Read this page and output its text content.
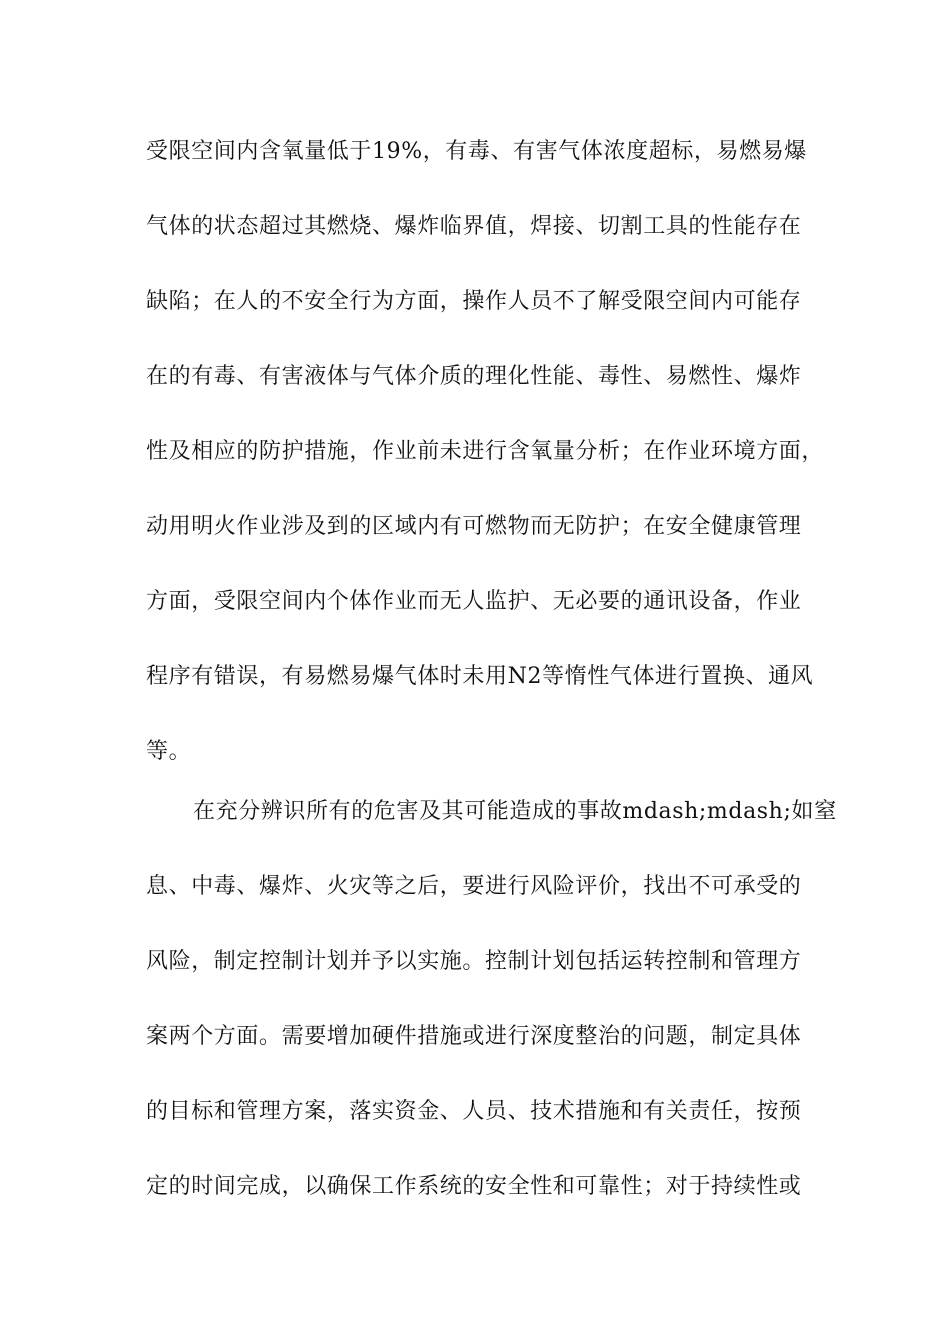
受限空间内含氧量低于19%，有毒、有害气体浓度超标，易燃易爆
气体的状态超过其燃烧、爆炸临界值，焊接、切割工具的性能存在
缺陷；在人的不安全行为方面，操作人员不了解受限空间内可能存
在的有毒、有害液体与气体介质的理化性能、毒性、易燃性、爆炸
性及相应的防护措施，作业前未进行含氧量分析；在作业环境方面，
动用明火作业涉及到的区域内有可燃物而无防护；在安全健康管理
方面，受限空间内个体作业而无人监护、无必要的通讯设备，作业
程序有错误，有易燃易爆气体时未用N2等惰性气体进行置换、通风
等。
在充分辨识所有的危害及其可能造成的事故mdash;mdash;如窒
息、中毒、爆炸、火灾等之后，要进行风险评价，找出不可承受的
风险，制定控制计划并予以实施。控制计划包括运转控制和管理方
案两个方面。需要增加硬件措施或进行深度整治的问题，制定具体
的目标和管理方案，落实资金、人员、技术措施和有关责任，按预
定的时间完成，以确保工作系统的安全性和可靠性；对于持续性或
